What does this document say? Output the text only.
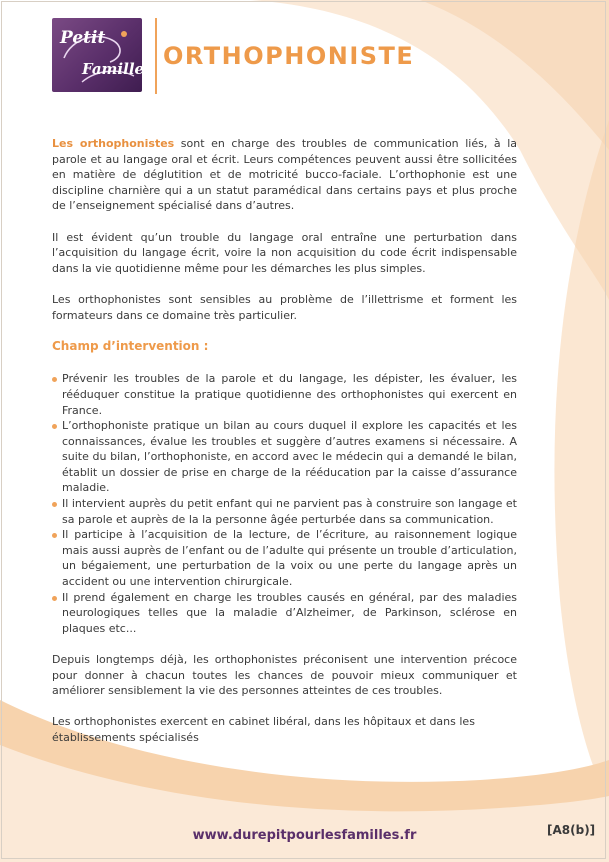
Petit
Familles ORTHOPHONISTE

Les orthophonistes sont en charge des troubles de communication liés, à la parole et au langage oral et écrit. Leurs compétences peuvent aussi être sollicitées en matière de déglutition et de motricité bucco-faciale. L’orthophonie est une discipline charnière qui a un statut paramédical dans certains pays et plus proche de l’enseignement spécialisé dans d’autres.

Il est évident qu’un trouble du langage oral entraîne une perturbation dans l’acquisition du langage écrit, voire la non acquisition du code écrit indispensable dans la vie quotidienne même pour les démarches les plus simples.

Les orthophonistes sont sensibles au problème de l’illettrisme et forment les formateurs dans ce domaine très particulier.

Champ d’intervention :
Prévenir les troubles de la parole et du langage, les dépister, les évaluer, les rééduquer constitue la pratique quotidienne des orthophonistes qui exercent en France.
L’orthophoniste pratique un bilan au cours duquel il explore les capacités et les connaissances, évalue les troubles et suggère d’autres examens si nécessaire. A suite du bilan, l’orthophoniste, en accord avec le médecin qui a demandé le bilan, établit un dossier de prise en charge de la rééducation par la caisse d’assurance maladie.
Il intervient auprès du petit enfant qui ne parvient pas à construire son langage et sa parole et auprès de la la personne âgée perturbée dans sa communication.
Il participe à l’acquisition de la lecture, de l’écriture, au raisonnement logique mais aussi auprès de l’enfant ou de l’adulte qui présente un trouble d’articulation, un bégaiement, une perturbation de la voix ou une perte du langage après un accident ou une intervention chirurgicale.
Il prend également en charge les troubles causés en général, par des maladies neurologiques telles que la maladie d’Alzheimer, de Parkinson, sclérose en plaques etc...

Depuis longtemps déjà, les orthophonistes préconisent une intervention précoce pour donner à chacun toutes les chances de pouvoir mieux communiquer et améliorer sensiblement la vie des personnes atteintes de ces troubles.

Les orthophonistes exercent en cabinet libéral, dans les hôpitaux et dans les établissements spécialisés

www.durepitpourlesfamilles.fr	[A8(b)]
